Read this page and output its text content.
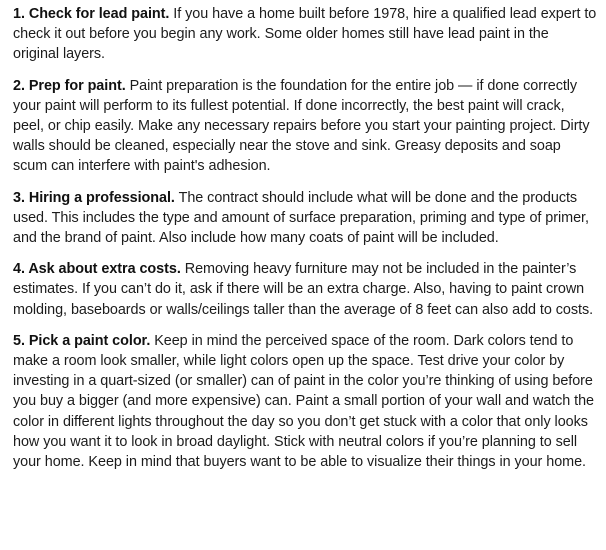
1. Check for lead paint. If you have a home built before 1978, hire a qualified lead expert to check it out before you begin any work. Some older homes still have lead paint in the original layers.

2. Prep for paint. Paint preparation is the foundation for the entire job — if done correctly your paint will perform to its fullest potential. If done incorrectly, the best paint will crack, peel, or chip easily. Make any necessary repairs before you start your painting project. Dirty walls should be cleaned, especially near the stove and sink. Greasy deposits and soap scum can interfere with paint's adhesion.

3. Hiring a professional. The contract should include what will be done and the products used. This includes the type and amount of surface preparation, priming and type of primer, and the brand of paint. Also include how many coats of paint will be included.

4. Ask about extra costs. Removing heavy furniture may not be included in the painter’s estimates. If you can’t do it, ask if there will be an extra charge. Also, having to paint crown molding, baseboards or walls/ceilings taller than the average of 8 feet can also add to costs.

5. Pick a paint color. Keep in mind the perceived space of the room. Dark colors tend to make a room look smaller, while light colors open up the space. Test drive your color by investing in a quart-sized (or smaller) can of paint in the color you’re thinking of using before you buy a bigger (and more expensive) can. Paint a small portion of your wall and watch the color in different lights throughout the day so you don’t get stuck with a color that only looks how you want it to look in broad daylight. Stick with neutral colors if you’re planning to sell your home. Keep in mind that buyers want to be able to visualize their things in your home.
